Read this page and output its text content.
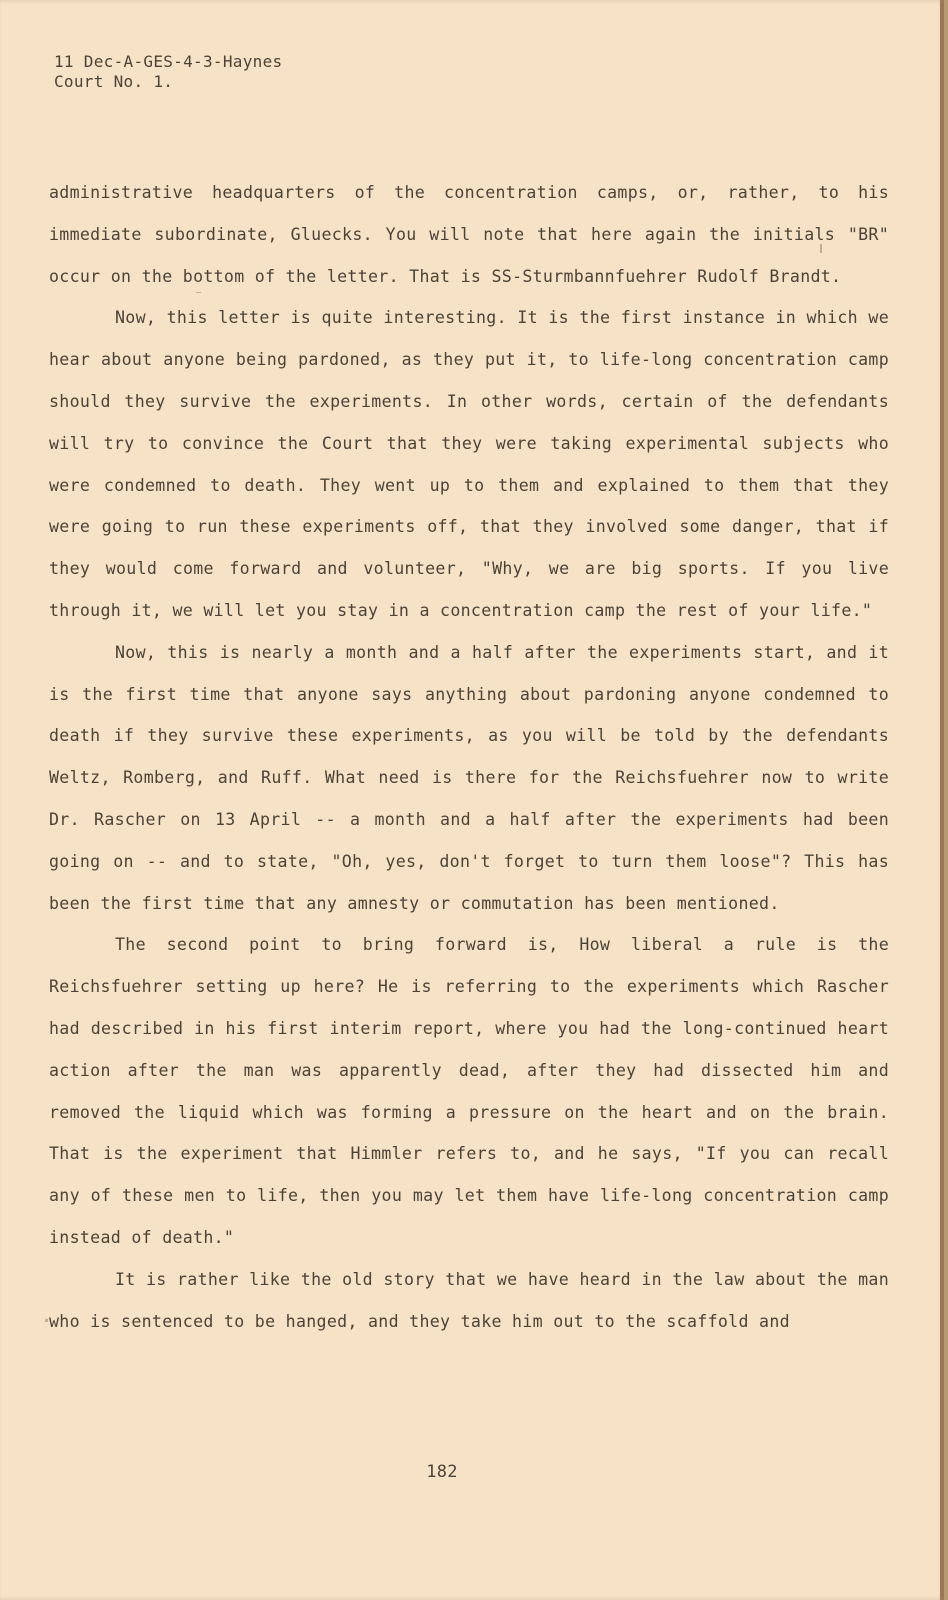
11 Dec-A-GES-4-3-Haynes
Court No. 1.

administrative headquarters of the concentration camps, or, rather, to his immediate subordinate, Gluecks. You will note that here again the initials "BR" occur on the bottom of the letter. That is SS-Sturmbannfuehrer Rudolf Brandt.

Now, this letter is quite interesting. It is the first instance in which we hear about anyone being pardoned, as they put it, to life-long concentration camp should they survive the experiments. In other words, certain of the defendants will try to convince the Court that they were taking experimental subjects who were condemned to death. They went up to them and explained to them that they were going to run these experiments off, that they involved some danger, that if they would come forward and volunteer, "Why, we are big sports. If you live through it, we will let you stay in a concentration camp the rest of your life."

Now, this is nearly a month and a half after the experiments start, and it is the first time that anyone says anything about pardoning anyone condemned to death if they survive these experiments, as you will be told by the defendants Weltz, Romberg, and Ruff. What need is there for the Reichsfuehrer now to write Dr. Rascher on 13 April -- a month and a half after the experiments had been going on -- and to state, "Oh, yes, don't forget to turn them loose"? This has been the first time that any amnesty or commutation has been mentioned.

The second point to bring forward is, How liberal a rule is the Reichsfuehrer setting up here? He is referring to the experiments which Rascher had described in his first interim report, where you had the long-continued heart action after the man was apparently dead, after they had dissected him and removed the liquid which was forming a pressure on the heart and on the brain. That is the experiment that Himmler refers to, and he says, "If you can recall any of these men to life, then you may let them have life-long concentration camp instead of death."

It is rather like the old story that we have heard in the law about the man who is sentenced to be hanged, and they take him out to the scaffold and

182
